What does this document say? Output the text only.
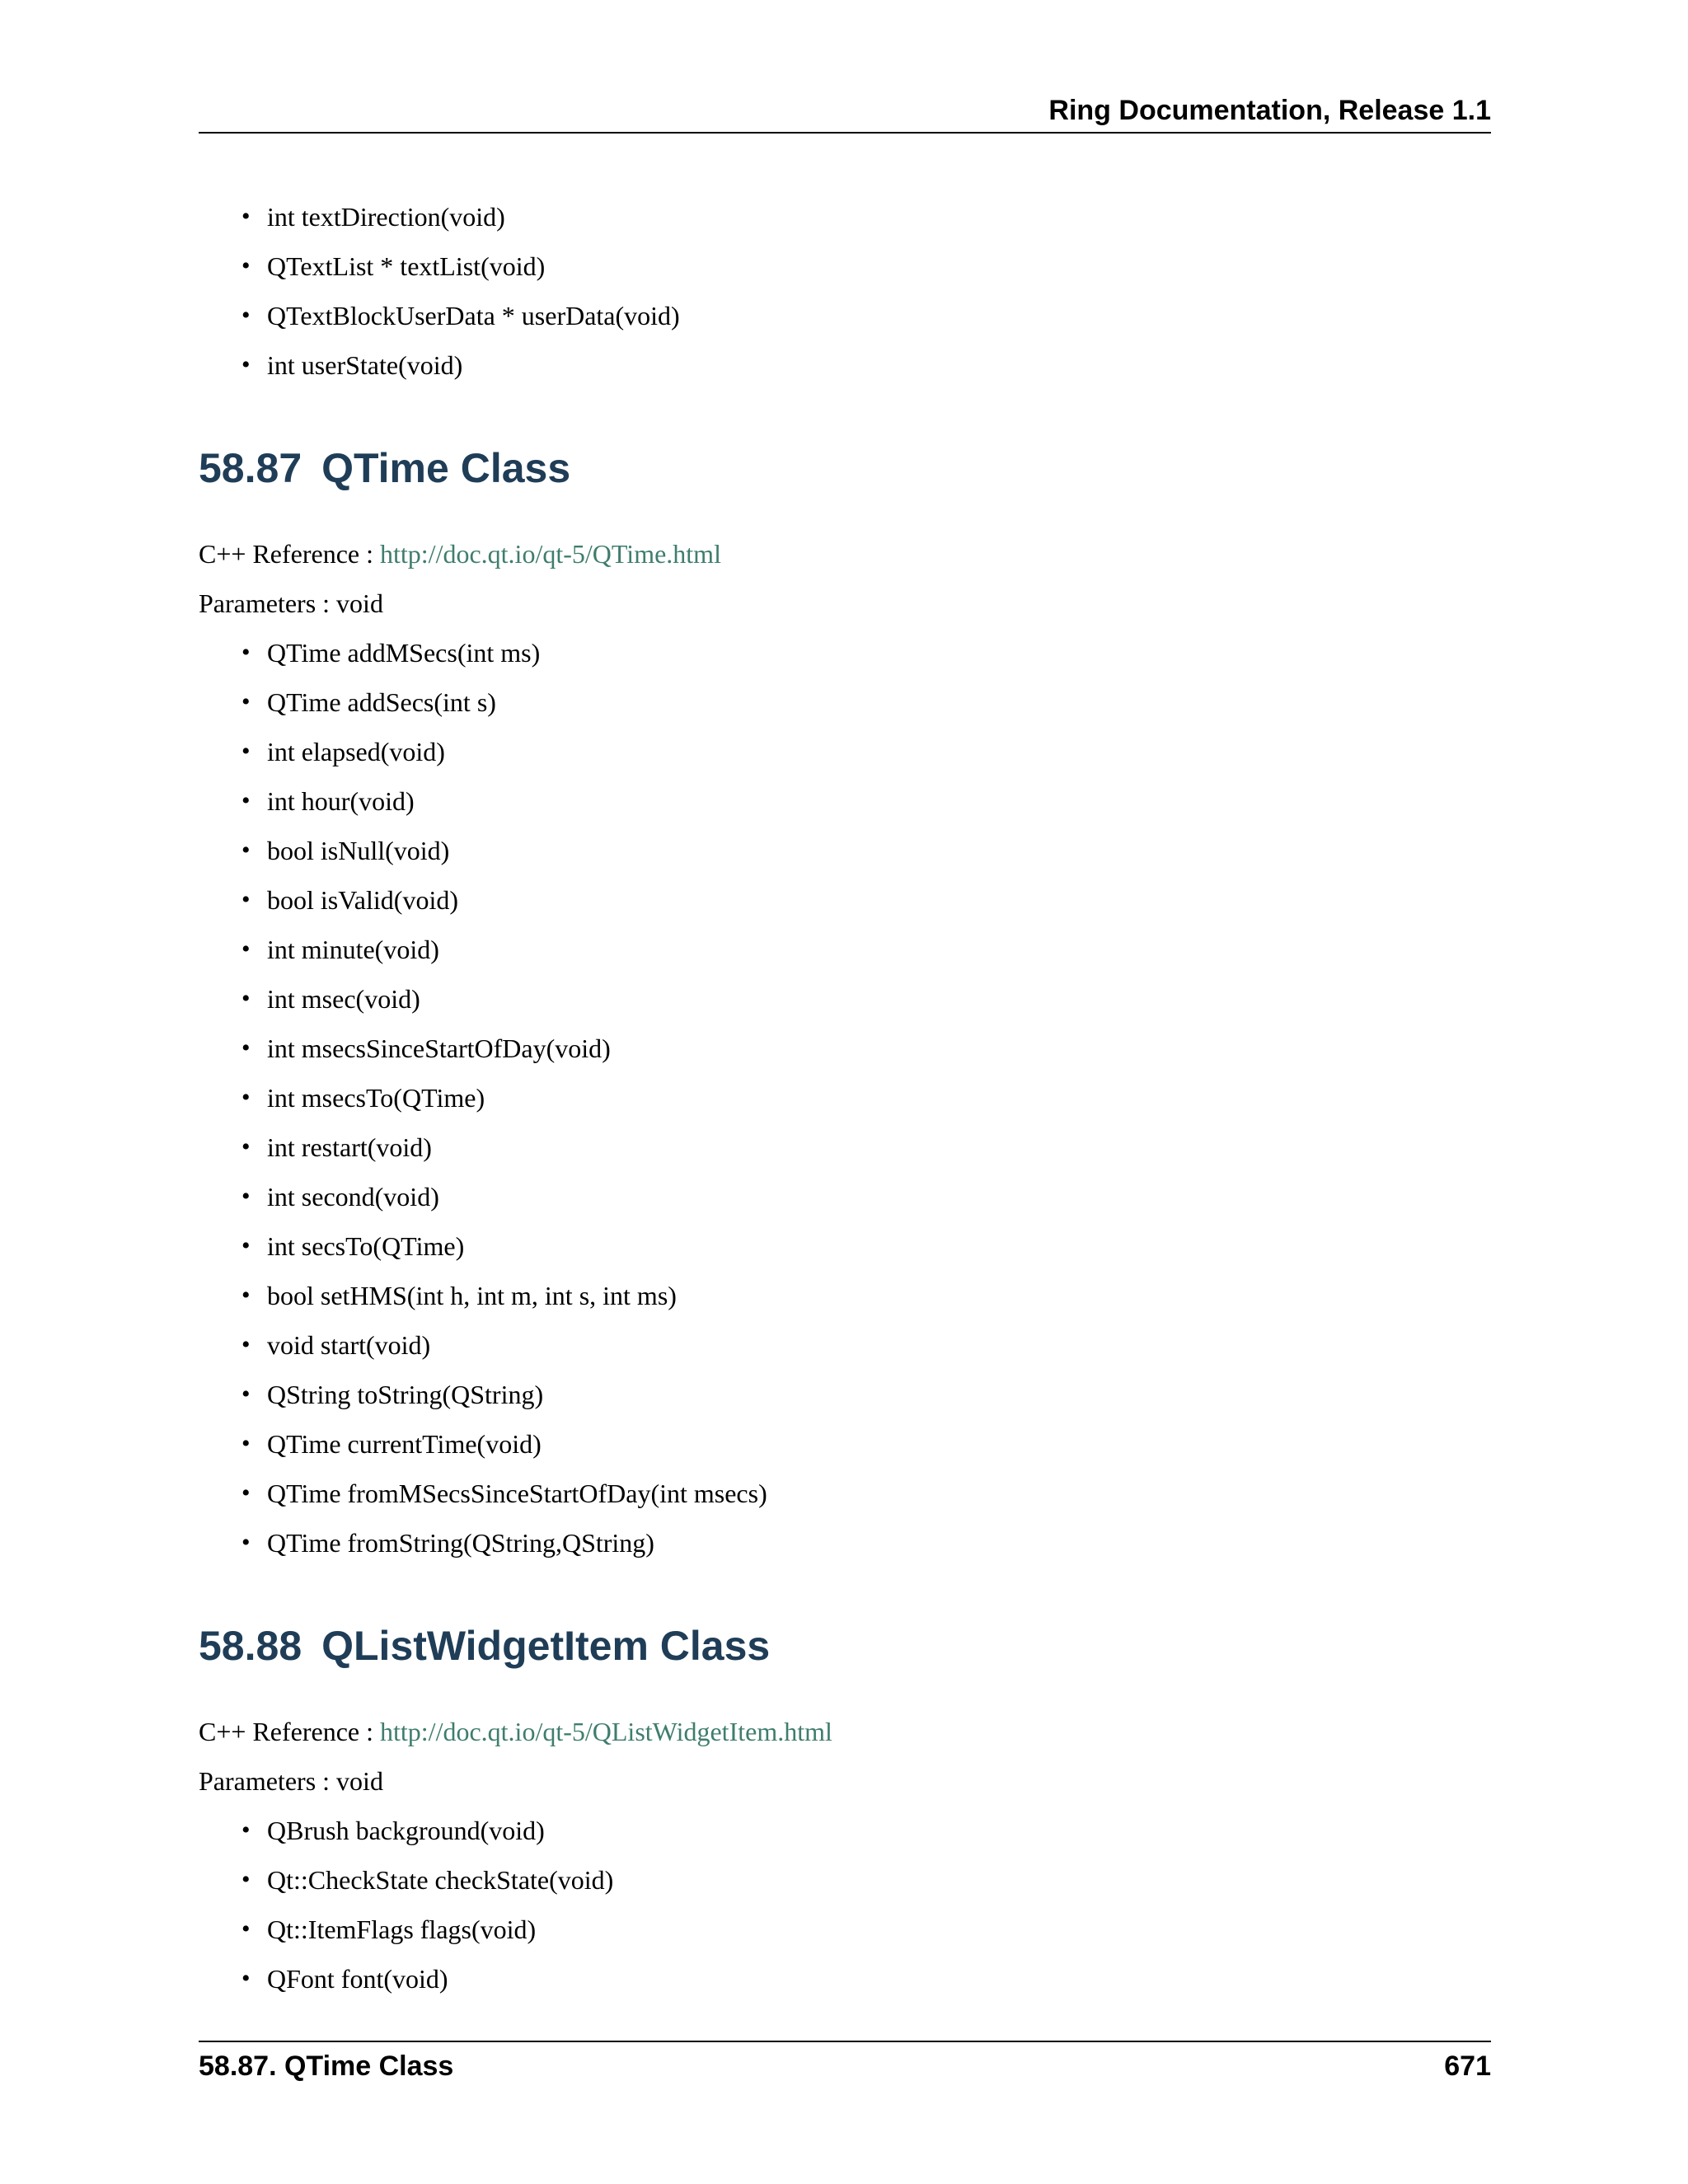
Ring Documentation, Release 1.1
• int textDirection(void)
• QTextList * textList(void)
• QTextBlockUserData * userData(void)
• int userState(void)
58.87 QTime Class
C++ Reference : http://doc.qt.io/qt-5/QTime.html
Parameters : void
• QTime addMSecs(int ms)
• QTime addSecs(int s)
• int elapsed(void)
• int hour(void)
• bool isNull(void)
• bool isValid(void)
• int minute(void)
• int msec(void)
• int msecsSinceStartOfDay(void)
• int msecsTo(QTime)
• int restart(void)
• int second(void)
• int secsTo(QTime)
• bool setHMS(int h, int m, int s, int ms)
• void start(void)
• QString toString(QString)
• QTime currentTime(void)
• QTime fromMSecsSinceStartOfDay(int msecs)
• QTime fromString(QString,QString)
58.88 QListWidgetItem Class
C++ Reference : http://doc.qt.io/qt-5/QListWidgetItem.html
Parameters : void
• QBrush background(void)
• Qt::CheckState checkState(void)
• Qt::ItemFlags flags(void)
• QFont font(void)
58.87. QTime Class	671
